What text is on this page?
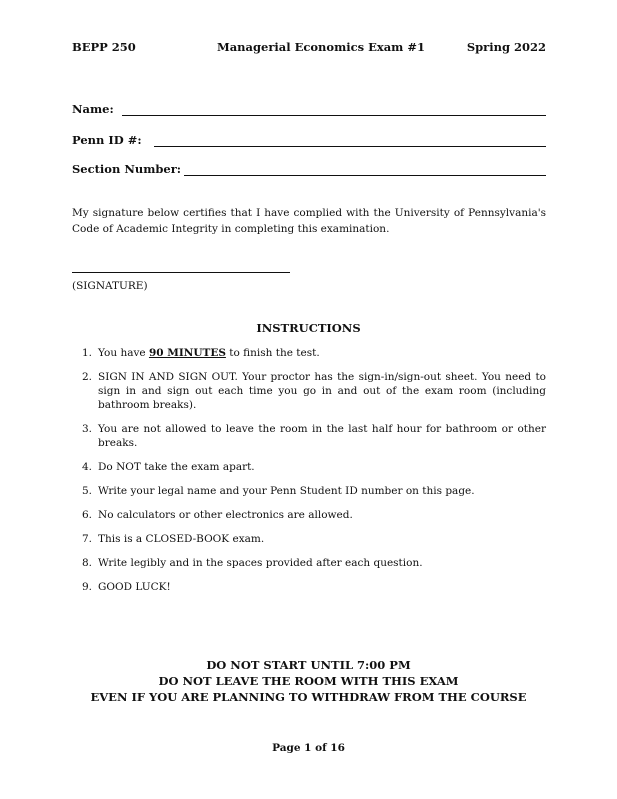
BEPP 250	Managerial Economics Exam #1	Spring 2022
Name:
Penn ID #:
Section Number:

My signature below certifies that I have complied with the University of Pennsylvania's Code of Academic Integrity in completing this examination.

(SIGNATURE)
INSTRUCTIONS
1. You have 90 MINUTES to finish the test.
2. SIGN IN AND SIGN OUT. Your proctor has the sign-in/sign-out sheet. You need to sign in and sign out each time you go in and out of the exam room (including bathroom breaks).
3. You are not allowed to leave the room in the last half hour for bathroom or other breaks.
4. Do NOT take the exam apart.
5. Write your legal name and your Penn Student ID number on this page.
6. No calculators or other electronics are allowed.
7. This is a CLOSED-BOOK exam.
8. Write legibly and in the spaces provided after each question.
9. GOOD LUCK!
DO NOT START UNTIL 7:00 PM
DO NOT LEAVE THE ROOM WITH THIS EXAM
EVEN IF YOU ARE PLANNING TO WITHDRAW FROM THE COURSE
Page 1 of 16
